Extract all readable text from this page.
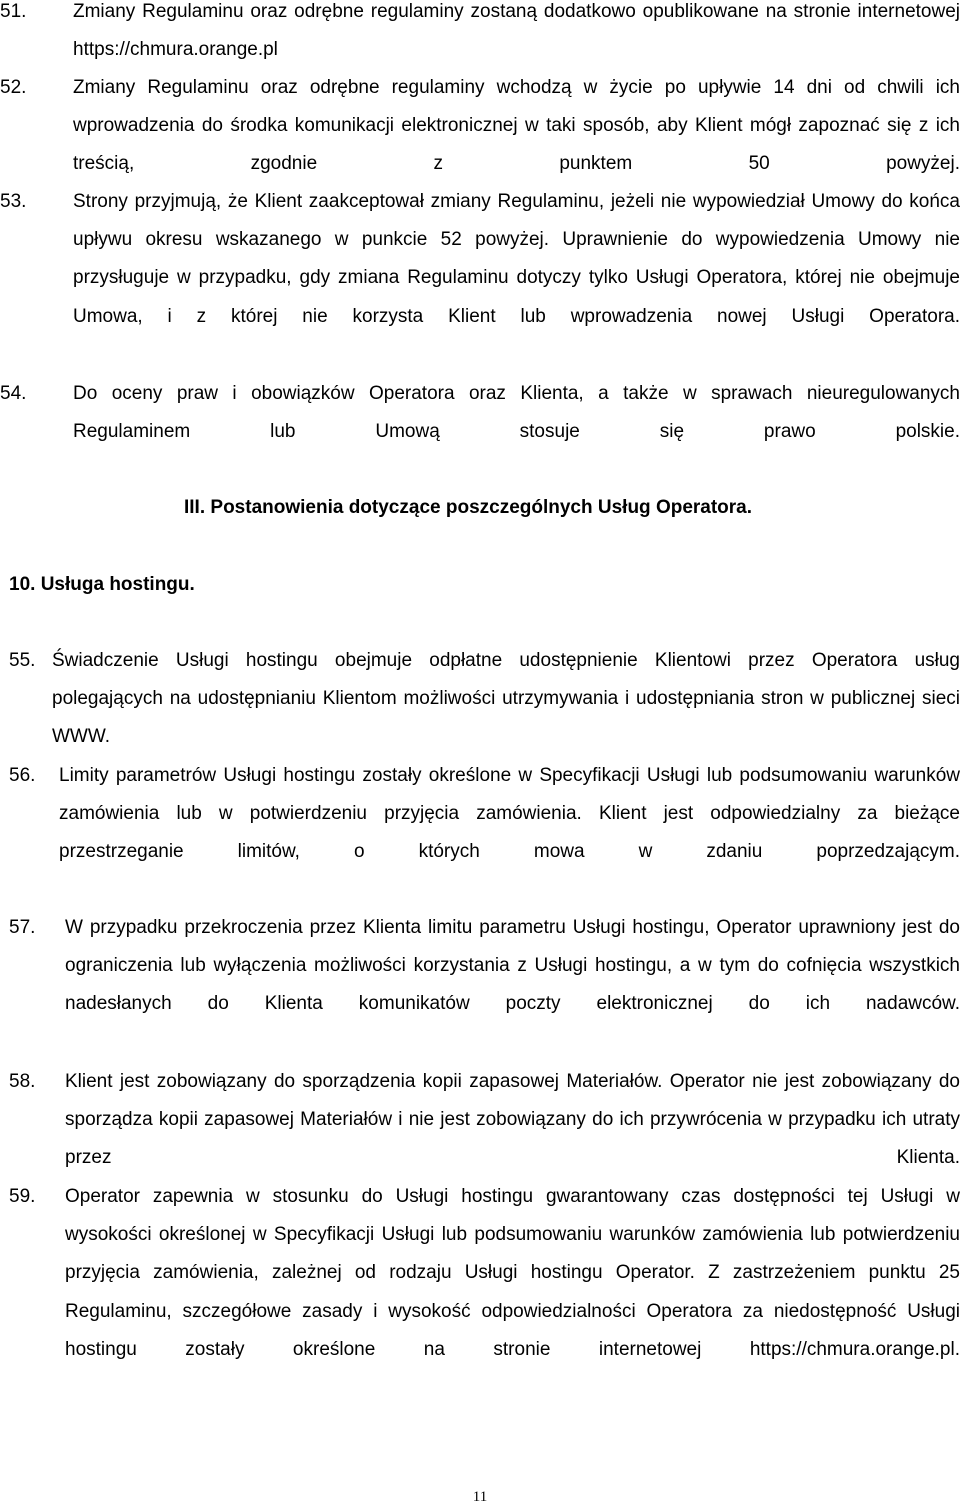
51. Zmiany Regulaminu oraz odrębne regulaminy zostaną dodatkowo opublikowane na stronie internetowej https://chmura.orange.pl
52. Zmiany Regulaminu oraz odrębne regulaminy wchodzą w życie po upływie 14 dni od chwili ich wprowadzenia do środka komunikacji elektronicznej w taki sposób, aby Klient mógł zapoznać się z ich treścią, zgodnie z punktem 50 powyżej.
53. Strony przyjmują, że Klient zaakceptował zmiany Regulaminu, jeżeli nie wypowiedział Umowy do końca upływu okresu wskazanego w punkcie 52 powyżej. Uprawnienie do wypowiedzenia Umowy nie przysługuje w przypadku, gdy zmiana Regulaminu dotyczy tylko Usługi Operatora, której nie obejmuje Umowa, i z której nie korzysta Klient lub wprowadzenia nowej Usługi Operatora.
54. Do oceny praw i obowiązków Operatora oraz Klienta, a także w sprawach nieuregulowanych Regulaminem lub Umową stosuje się prawo polskie.
III. Postanowienia dotyczące poszczególnych Usług Operatora.
10. Usługa hostingu.
55. Świadczenie Usługi hostingu obejmuje odpłatne udostępnienie Klientowi przez Operatora usług polegających na udostępnianiu Klientom możliwości utrzymywania i udostępniania stron w publicznej sieci WWW.
56. Limity parametrów Usługi hostingu zostały określone w Specyfikacji Usługi lub podsumowaniu warunków zamówienia lub w potwierdzeniu przyjęcia zamówienia. Klient jest odpowiedzialny za bieżące przestrzeganie limitów, o których mowa w zdaniu poprzedzającym.
57. W przypadku przekroczenia przez Klienta limitu parametru Usługi hostingu, Operator uprawniony jest do ograniczenia lub wyłączenia możliwości korzystania z Usługi hostingu, a w tym do cofnięcia wszystkich nadesłanych do Klienta komunikatów poczty elektronicznej do ich nadawców.
58. Klient jest zobowiązany do sporządzenia kopii zapasowej Materiałów. Operator nie jest zobowiązany do sporządza kopii zapasowej Materiałów i nie jest zobowiązany do ich przywrócenia w przypadku ich utraty przez Klienta.
59. Operator zapewnia w stosunku do Usługi hostingu gwarantowany czas dostępności tej Usługi w wysokości określonej w Specyfikacji Usługi lub podsumowaniu warunków zamówienia lub potwierdzeniu przyjęcia zamówienia, zależnej od rodzaju Usługi hostingu Operator. Z zastrzeżeniem punktu 25 Regulaminu, szczegółowe zasady i wysokość odpowiedzialności Operatora za niedostępność Usługi hostingu zostały określone na stronie internetowej https://chmura.orange.pl.
11
